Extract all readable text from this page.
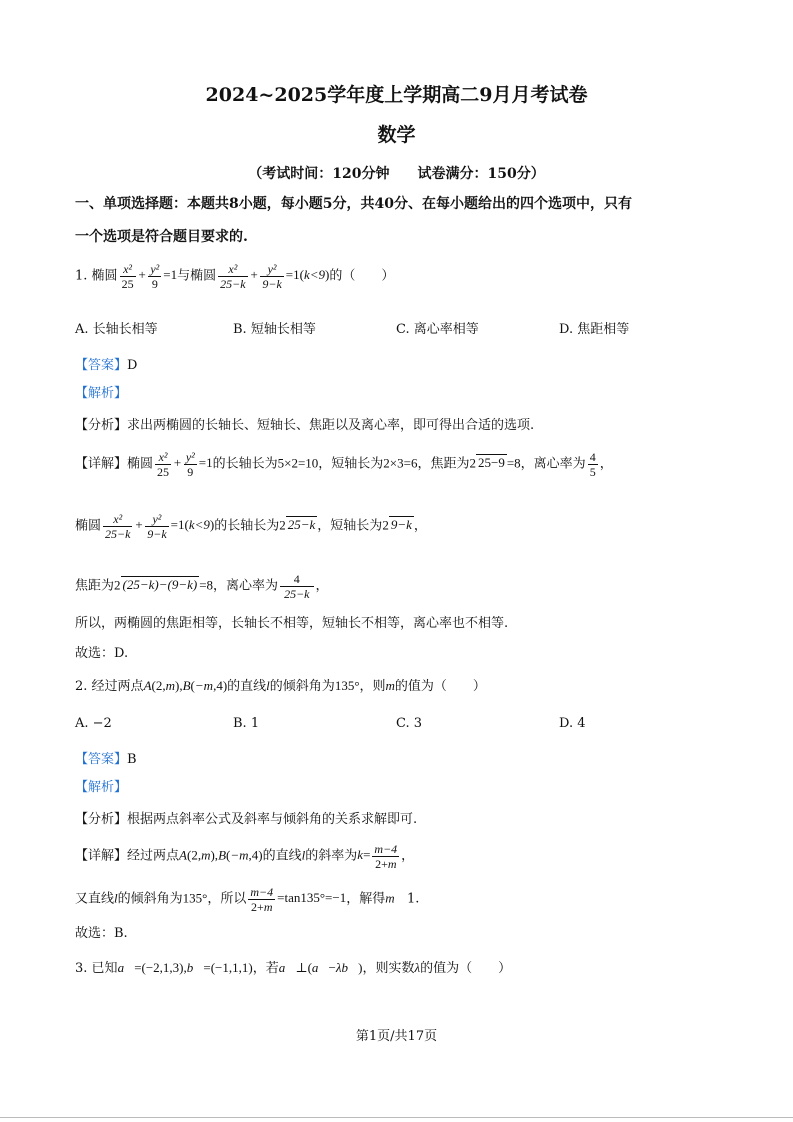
2024~2025学年度上学期高二9月月考试卷
数学
（考试时间：120分钟　　试卷满分：150分）
一、单项选择题：本题共8小题，每小题5分，共40分、在每小题给出的四个选项中，只有
一个选项是符合题目要求的.
1. 椭圆 $\frac{\text{x²}}{25} + \frac{\text{y²}}{9} =1$与椭圆 $\frac{\text{x²}}{25-k} + \frac{\text{y²}}{9-k} =1(k<9)$的（　　）
A. 长轴长相等	B. 短轴长相等	C. 离心率相等	D. 焦距相等
【答案】D
【解析】
【分析】求出两椭圆的长轴长、短轴长、焦距以及离心率，即可得出合适的选项.
【详解】椭圆 $\frac{\text{x²}}{25} + \frac{\text{y²}}{9} =1$的长轴长为5×2=10，短轴长为2×3=6，焦距为2 25−9 =8，离心率为 $\frac{4}{5}$ ，
椭圆 $\frac{\text{x²}}{25-k} + \frac{\text{y²}}{9-k} =1(k<9)$的长轴长为2 25−k ，短轴长为2 9−k ，
焦距为2 (25−k)−(9−k) =8，离心率为 $\frac{4}{25-k}$ ，
所以，两椭圆的焦距相等，长轴长不相等，短轴长不相等，离心率也不相等.
故选：D.
2. 经过两点A(2,m),B(−m,4)的直线l的倾斜角为135°，则m的值为（　　）
A. −2	B. 1	C. 3	D. 4
【答案】B
【解析】
【分析】根据两点斜率公式及斜率与倾斜角的关系求解即可.
【详解】经过两点A(2,m),B(−m,4)的直线l的斜率为$k= \frac{m-4}{2+m}$ ，
又直线l的倾斜角为135°，所以 $\frac{m-4}{2+m} =\tan 135^\circ=-1$，解得m 1.
故选：B.
3. 已知a⃗=(−2,1,3),b⃗=(−1,1,1)，若a⃗⊥(a⃗−λb⃗)，则实数λ的值为（　　）
第1页/共17页
